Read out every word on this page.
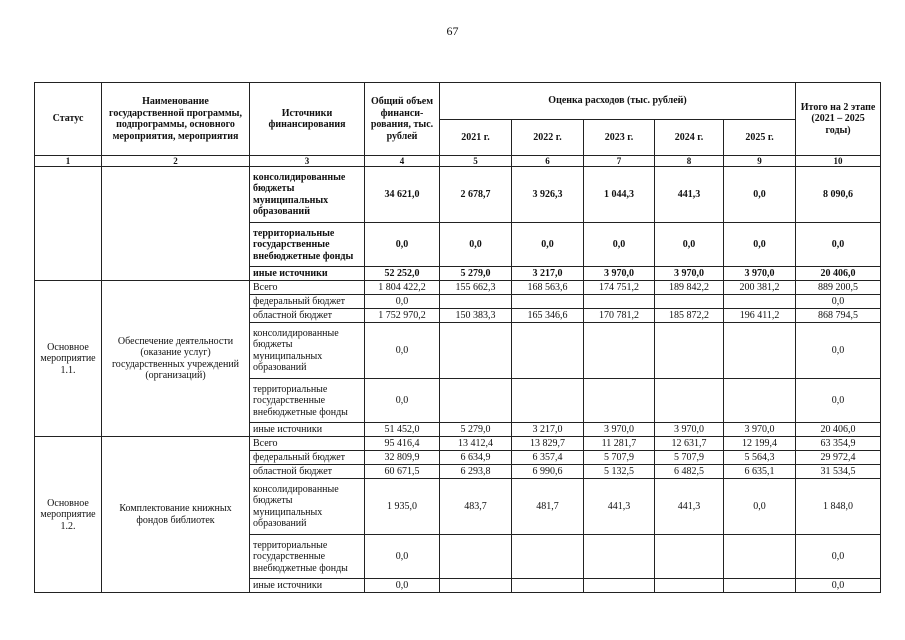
67
Статус	Наименование государственной программы, подпрограммы, основного мероприятия, мероприятия	Источники финансирования	Общий объем финанси- рования, тыс. рублей	Оценка расходов (тыс. рублей)					Итого на 2 этапе (2021 – 2025 годы)
				2021 г.	2022 г.	2023 г.	2024 г.	2025 г.	
1	2	3	4	5	6	7	8	9	10
		консолидированные бюджеты муниципальных образований	34 621,0	2 678,7	3 926,3	1 044,3	441,3	0,0	8 090,6
		территориальные государственные внебюджетные фонды	0,0	0,0	0,0	0,0	0,0	0,0	0,0
		иные источники	52 252,0	5 279,0	3 217,0	3 970,0	3 970,0	3 970,0	20 406,0
Основное мероприятие 1.1.	Обеспечение деятельности (оказание услуг) государственных учреждений (организаций)	Всего	1 804 422,2	155 662,3	168 563,6	174 751,2	189 842,2	200 381,2	889 200,5
		федеральный бюджет	0,0						0,0
		областной бюджет	1 752 970,2	150 383,3	165 346,6	170 781,2	185 872,2	196 411,2	868 794,5
		консолидированные бюджеты муниципальных образований	0,0						0,0
		территориальные государственные внебюджетные фонды	0,0						0,0
		иные источники	51 452,0	5 279,0	3 217,0	3 970,0	3 970,0	3 970,0	20 406,0
Основное мероприятие 1.2.	Комплектование книжных фондов библиотек	Всего	95 416,4	13 412,4	13 829,7	11 281,7	12 631,7	12 199,4	63 354,9
		федеральный бюджет	32 809,9	6 634,9	6 357,4	5 707,9	5 707,9	5 564,3	29 972,4
		областной бюджет	60 671,5	6 293,8	6 990,6	5 132,5	6 482,5	6 635,1	31 534,5
		консолидированные бюджеты муниципальных образований	1 935,0	483,7	481,7	441,3	441,3	0,0	1 848,0
		территориальные государственные внебюджетные фонды	0,0						0,0
		иные источники	0,0						0,0
